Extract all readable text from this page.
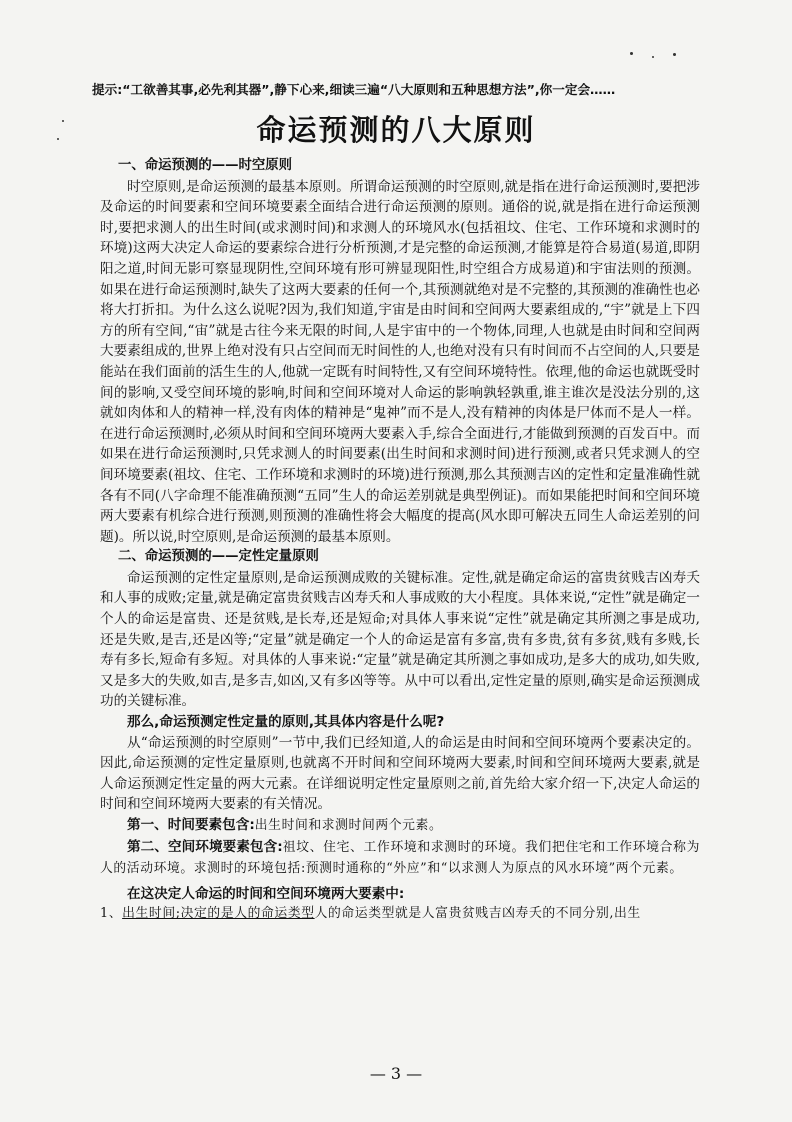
提示:“工欲善其事,必先利其器”,静下心来,细读三遍“八大原则和五种思想方法”,你一定会……
命运预测的八大原则

一、命运预测的——时空原则

时空原则,是命运预测的最基本原则。所谓命运预测的时空原则,就是指在进行命运预测时,要把涉及命运的时间要素和空间环境要素全面结合进行命运预测的原则。通俗的说,就是指在进行命运预测时,要把求测人的出生时间(或求测时间)和求测人的环境风水(包括祖坟、住宅、工作环境和求测时的环境)这两大决定人命运的要素综合进行分析预测,才是完整的命运预测,才能算是符合易道(易道,即阴阳之道,时间无影可察显现阴性,空间环境有形可辨显现阳性,时空组合方成易道)和宇宙法则的预测。如果在进行命运预测时,缺失了这两大要素的任何一个,其预测就绝对是不完整的,其预测的准确性也必将大打折扣。为什么这么说呢?因为,我们知道,宇宙是由时间和空间两大要素组成的,“宇”就是上下四方的所有空间,“宙”就是古往今来无限的时间,人是宇宙中的一个物体,同理,人也就是由时间和空间两大要素组成的,世界上绝对没有只占空间而无时间性的人,也绝对没有只有时间而不占空间的人,只要是能站在我们面前的活生生的人,他就一定既有时间特性,又有空间环境特性。依理,他的命运也就既受时间的影响,又受空间环境的影响,时间和空间环境对人命运的影响孰轻孰重,谁主谁次是没法分别的,这就如肉体和人的精神一样,没有肉体的精神是“鬼神”而不是人,没有精神的肉体是尸体而不是人一样。在进行命运预测时,必须从时间和空间环境两大要素入手,综合全面进行,才能做到预测的百发百中。而如果在进行命运预测时,只凭求测人的时间要素(出生时间和求测时间)进行预测,或者只凭求测人的空间环境要素(祖坟、住宅、工作环境和求测时的环境)进行预测,那么其预测吉凶的定性和定量准确性就各有不同(八字命理不能准确预测“五同”生人的命运差别就是典型例证)。而如果能把时间和空间环境两大要素有机综合进行预测,则预测的准确性将会大幅度的提高(风水即可解决五同生人命运差别的问题)。所以说,时空原则,是命运预测的最基本原则。

二、命运预测的——定性定量原则

命运预测的定性定量原则,是命运预测成败的关键标准。定性,就是确定命运的富贵贫贱吉凶寿夭和人事的成败;定量,就是确定富贵贫贱吉凶寿夭和人事成败的大小程度。具体来说,“定性”就是确定一个人的命运是富贵、还是贫贱,是长寿,还是短命;对具体人事来说“定性”就是确定其所测之事是成功,还是失败,是吉,还是凶等;“定量”就是确定一个人的命运是富有多富,贵有多贵,贫有多贫,贱有多贱,长寿有多长,短命有多短。对具体的人事来说:“定量”就是确定其所测之事如成功,是多大的成功,如失败,又是多大的失败,如吉,是多吉,如凶,又有多凶等等。从中可以看出,定性定量的原则,确实是命运预测成功的关键标准。

那么,命运预测定性定量的原则,其具体内容是什么呢?

从“命运预测的时空原则”一节中,我们已经知道,人的命运是由时间和空间环境两个要素决定的。因此,命运预测的定性定量原则,也就离不开时间和空间环境两大要素,时间和空间环境两大要素,就是人命运预测定性定量的两大元素。在详细说明定性定量原则之前,首先给大家介绍一下,决定人命运的时间和空间环境两大要素的有关情况。

第一、时间要素包含:出生时间和求测时间两个元素。

第二、空间环境要素包含:祖坟、住宅、工作环境和求测时的环境。我们把住宅和工作环境合称为人的活动环境。求测时的环境包括:预测时通称的“外应”和“以求测人为原点的风水环境”两个元素。

在这决定人命运的时间和空间环境两大要素中:

1、出生时间;决定的是人的命运类型人的命运类型就是人富贵贫贱吉凶寿夭的不同分别,出生

— 3 —
